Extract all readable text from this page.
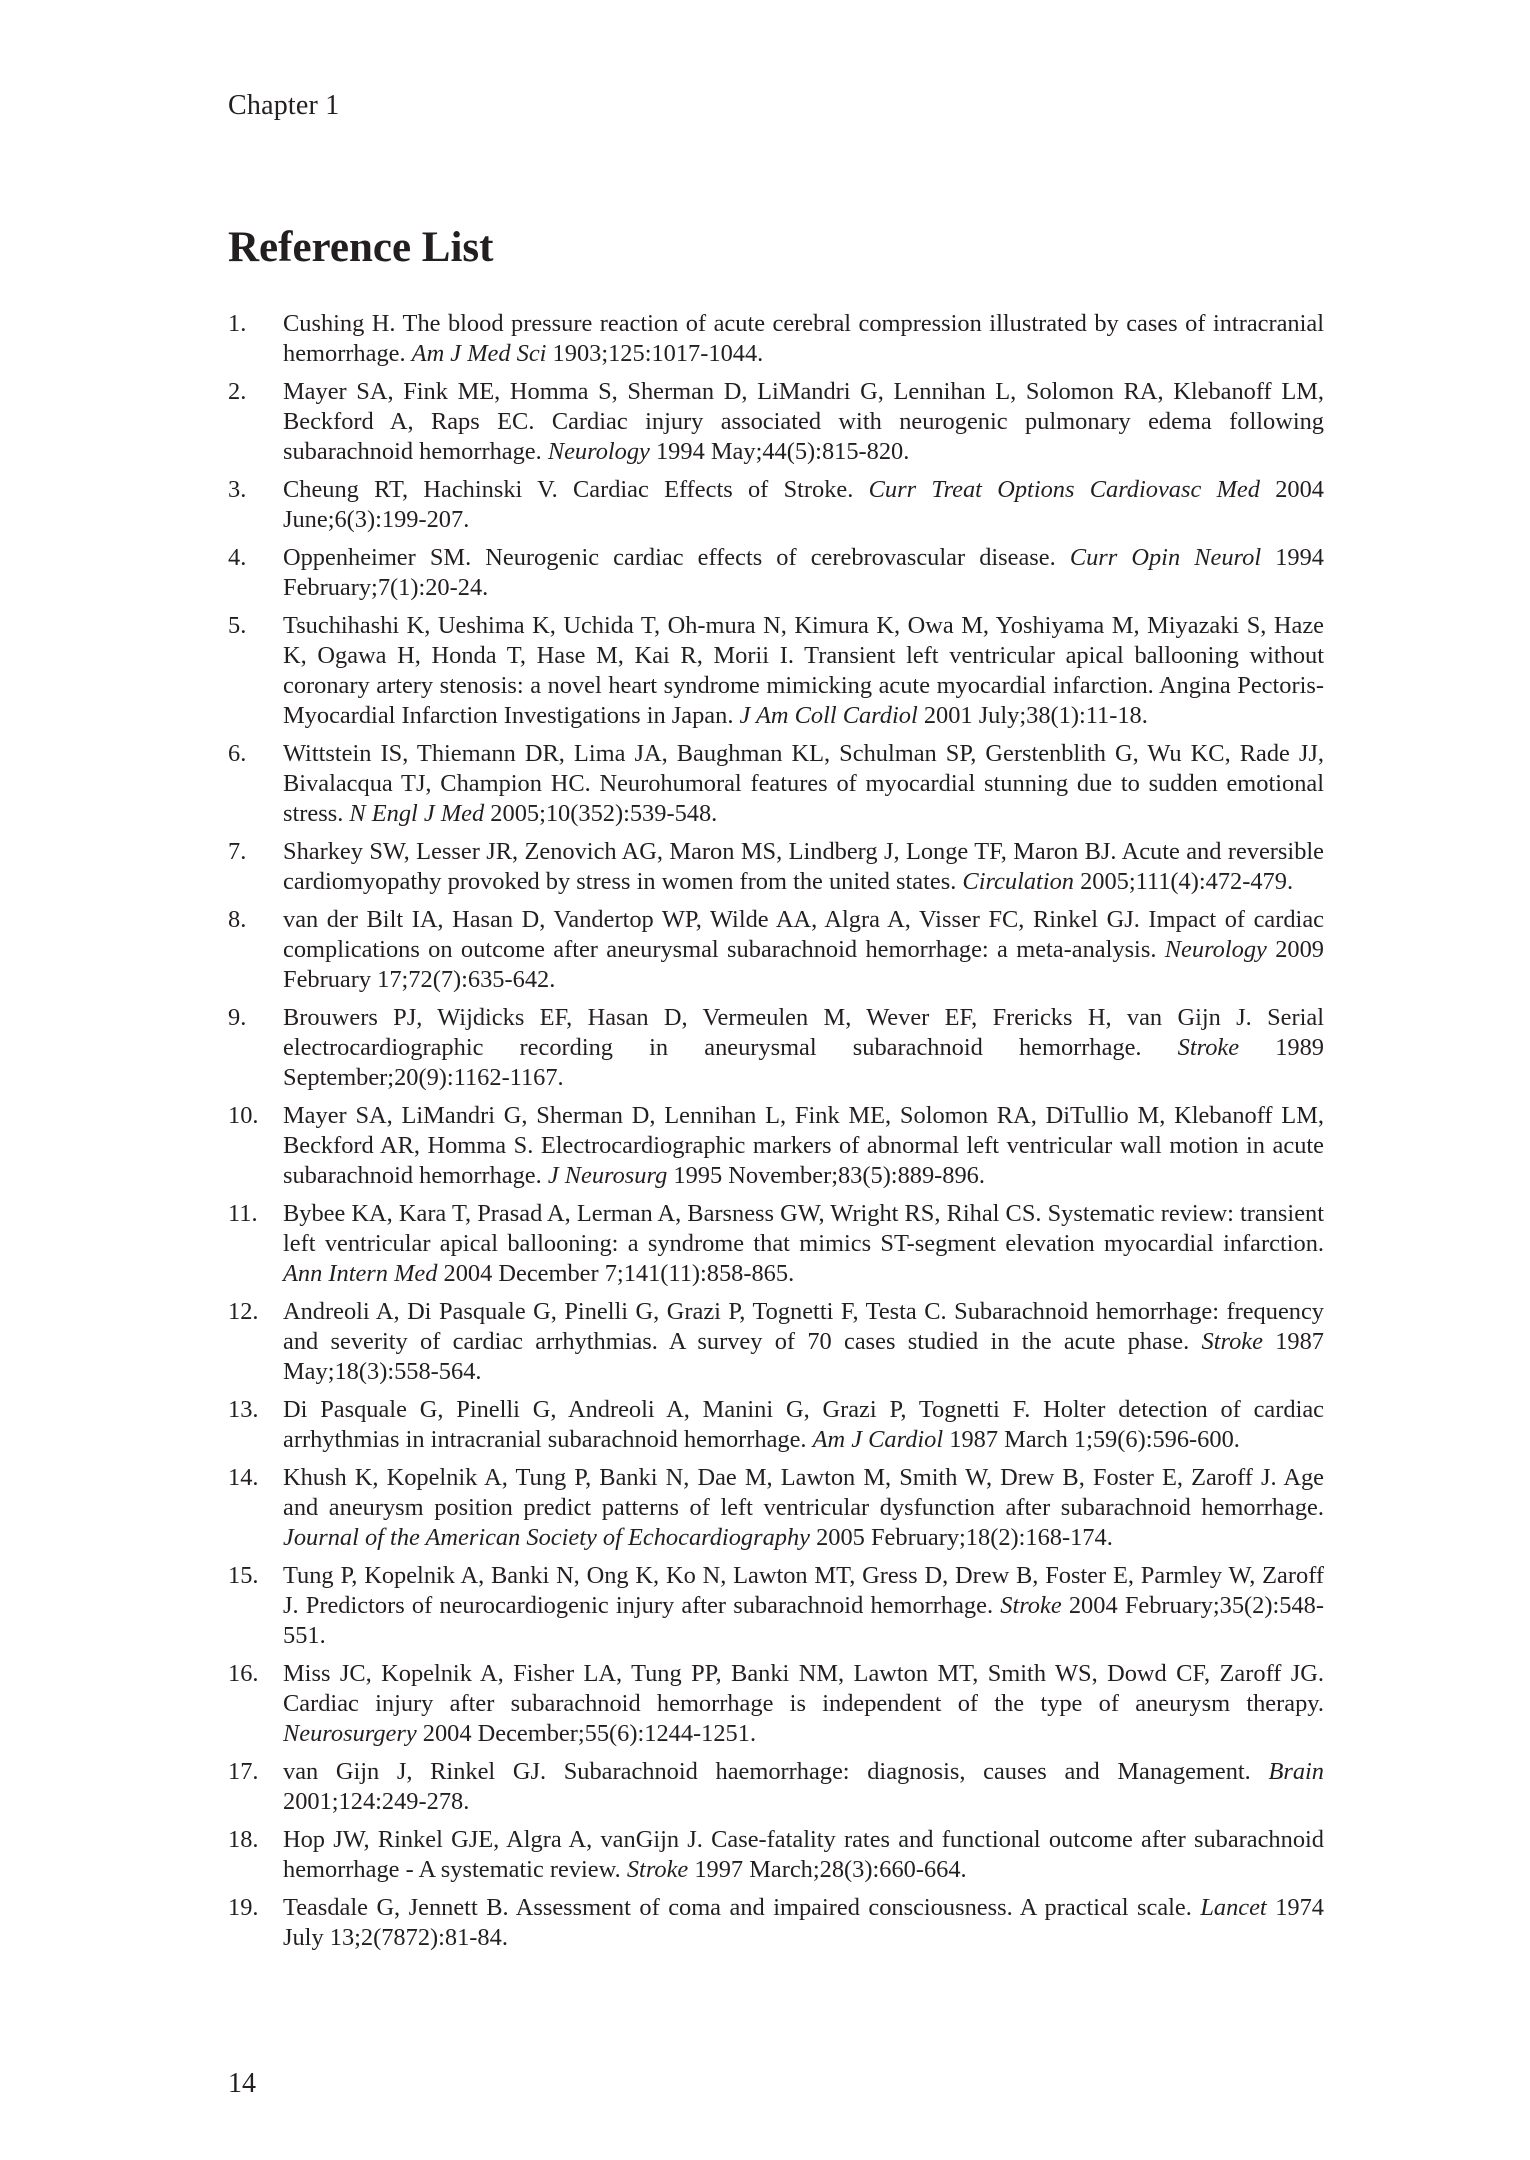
Chapter 1
Reference List
1. Cushing H. The blood pressure reaction of acute cerebral compression illustrated by cases of intracranial hemorrhage. Am J Med Sci 1903;125:1017-1044.
2. Mayer SA, Fink ME, Homma S, Sherman D, LiMandri G, Lennihan L, Solomon RA, Klebanoff LM, Beckford A, Raps EC. Cardiac injury associated with neurogenic pulmonary edema following subarachnoid hemorrhage. Neurology 1994 May;44(5):815-820.
3. Cheung RT, Hachinski V. Cardiac Effects of Stroke. Curr Treat Options Cardiovasc Med 2004 June;6(3):199-207.
4. Oppenheimer SM. Neurogenic cardiac effects of cerebrovascular disease. Curr Opin Neurol 1994 February;7(1):20-24.
5. Tsuchihashi K, Ueshima K, Uchida T, Oh-mura N, Kimura K, Owa M, Yoshiyama M, Miyazaki S, Haze K, Ogawa H, Honda T, Hase M, Kai R, Morii I. Transient left ventricular apical ballooning without coronary artery stenosis: a novel heart syndrome mimicking acute myocardial infarction. Angina Pectoris-Myocardial Infarction Investigations in Japan. J Am Coll Cardiol 2001 July;38(1):11-18.
6. Wittstein IS, Thiemann DR, Lima JA, Baughman KL, Schulman SP, Gerstenblith G, Wu KC, Rade JJ, Bivalacqua TJ, Champion HC. Neurohumoral features of myocardial stunning due to sudden emotional stress. N Engl J Med 2005;10(352):539-548.
7. Sharkey SW, Lesser JR, Zenovich AG, Maron MS, Lindberg J, Longe TF, Maron BJ. Acute and reversible cardiomyopathy provoked by stress in women from the united states. Circulation 2005;111(4):472-479.
8. van der Bilt IA, Hasan D, Vandertop WP, Wilde AA, Algra A, Visser FC, Rinkel GJ. Impact of cardiac complications on outcome after aneurysmal subarachnoid hemorrhage: a meta-analysis. Neurology 2009 February 17;72(7):635-642.
9. Brouwers PJ, Wijdicks EF, Hasan D, Vermeulen M, Wever EF, Frericks H, van Gijn J. Serial electrocardiographic recording in aneurysmal subarachnoid hemorrhage. Stroke 1989 September;20(9):1162-1167.
10. Mayer SA, LiMandri G, Sherman D, Lennihan L, Fink ME, Solomon RA, DiTullio M, Klebanoff LM, Beckford AR, Homma S. Electrocardiographic markers of abnormal left ventricular wall motion in acute subarachnoid hemorrhage. J Neurosurg 1995 November;83(5):889-896.
11. Bybee KA, Kara T, Prasad A, Lerman A, Barsness GW, Wright RS, Rihal CS. Systematic review: transient left ventricular apical ballooning: a syndrome that mimics ST-segment elevation myocardial infarction. Ann Intern Med 2004 December 7;141(11):858-865.
12. Andreoli A, Di Pasquale G, Pinelli G, Grazi P, Tognetti F, Testa C. Subarachnoid hemorrhage: frequency and severity of cardiac arrhythmias. A survey of 70 cases studied in the acute phase. Stroke 1987 May;18(3):558-564.
13. Di Pasquale G, Pinelli G, Andreoli A, Manini G, Grazi P, Tognetti F. Holter detection of cardiac arrhythmias in intracranial subarachnoid hemorrhage. Am J Cardiol 1987 March 1;59(6):596-600.
14. Khush K, Kopelnik A, Tung P, Banki N, Dae M, Lawton M, Smith W, Drew B, Foster E, Zaroff J. Age and aneurysm position predict patterns of left ventricular dysfunction after subarachnoid hemorrhage. Journal of the American Society of Echocardiography 2005 February;18(2):168-174.
15. Tung P, Kopelnik A, Banki N, Ong K, Ko N, Lawton MT, Gress D, Drew B, Foster E, Parmley W, Zaroff J. Predictors of neurocardiogenic injury after subarachnoid hemorrhage. Stroke 2004 February;35(2):548-551.
16. Miss JC, Kopelnik A, Fisher LA, Tung PP, Banki NM, Lawton MT, Smith WS, Dowd CF, Zaroff JG. Cardiac injury after subarachnoid hemorrhage is independent of the type of aneurysm therapy. Neurosurgery 2004 December;55(6):1244-1251.
17. van Gijn J, Rinkel GJ. Subarachnoid haemorrhage: diagnosis, causes and Management. Brain 2001;124:249-278.
18. Hop JW, Rinkel GJE, Algra A, vanGijn J. Case-fatality rates and functional outcome after subarachnoid hemorrhage - A systematic review. Stroke 1997 March;28(3):660-664.
19. Teasdale G, Jennett B. Assessment of coma and impaired consciousness. A practical scale. Lancet 1974 July 13;2(7872):81-84.
14
